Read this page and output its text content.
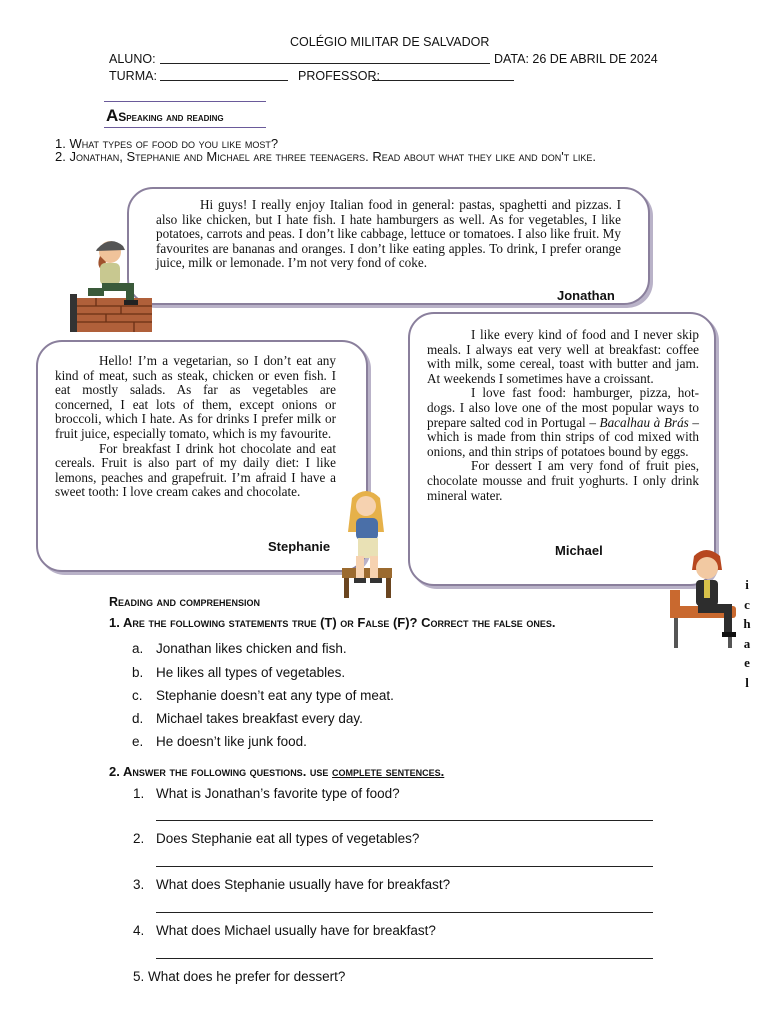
COLÉGIO MILITAR DE SALVADOR
ALUNO:	DATA: 26 DE ABRIL DE 2024
TURMA:	PROFESSOR:
ASpeaking and reading
1. What types of food do you like most?
2. Jonathan, Stephanie and Michael are three teenagers. Read about what they like and don't like.

Hi guys! I really enjoy Italian food in general: pastas, spaghetti and pizzas. I also like chicken, but I hate fish. I hate hamburgers as well. As for vegetables, I like potatoes, carrots and peas. I don’t like cabbage, lettuce or tomatoes. I also like fruit. My favourites are bananas and oranges. I don’t like eating apples. To drink, I prefer orange juice, milk or lemonade. I’m not very fond of coke.

Jonathan

Hello! I’m a vegetarian, so I don’t eat any kind of meat, such as steak, chicken or even fish. I eat mostly salads. As far as vegetables are concerned, I eat lots of them, except onions or broccoli, which I hate. As for drinks I prefer milk or fruit juice, especially tomato, which is my favourite.

For breakfast I drink hot chocolate and eat cereals. Fruit is also part of my daily diet: I like lemons, peaches and grapefruit. I’m afraid I have a sweet tooth: I love cream cakes and chocolate.

Stephanie

I like every kind of food and I never skip meals. I always eat very well at breakfast: coffee with milk, some cereal, toast with butter and jam. At weekends I sometimes have a croissant.

I love fast food: hamburger, pizza, hot-dogs. I also love one of the most popular ways to prepare salted cod in Portugal – Bacalhau à Brás – which is made from thin strips of cod mixed with onions, and thin strips of potatoes bound by eggs.

For dessert I am very fond of fruit pies, chocolate mousse and fruit yoghurts. I only drink mineral water.

Michael
i
c
h
a
e
l
Reading and comprehension
1. Are the following statements true (T) or False (F)? Correct the false ones.
a. Jonathan likes chicken and fish.
b. He likes all types of vegetables.
c. Stephanie doesn’t eat any type of meat.
d. Michael takes breakfast every day.
e. He doesn’t like junk food.
2. Answer the following questions. use complete sentences.
1. What is Jonathan’s favorite type of food?
2. Does Stephanie eat all types of vegetables?
3. What does Stephanie usually have for breakfast?
4. What does Michael usually have for breakfast?
5. What does he prefer for dessert?
